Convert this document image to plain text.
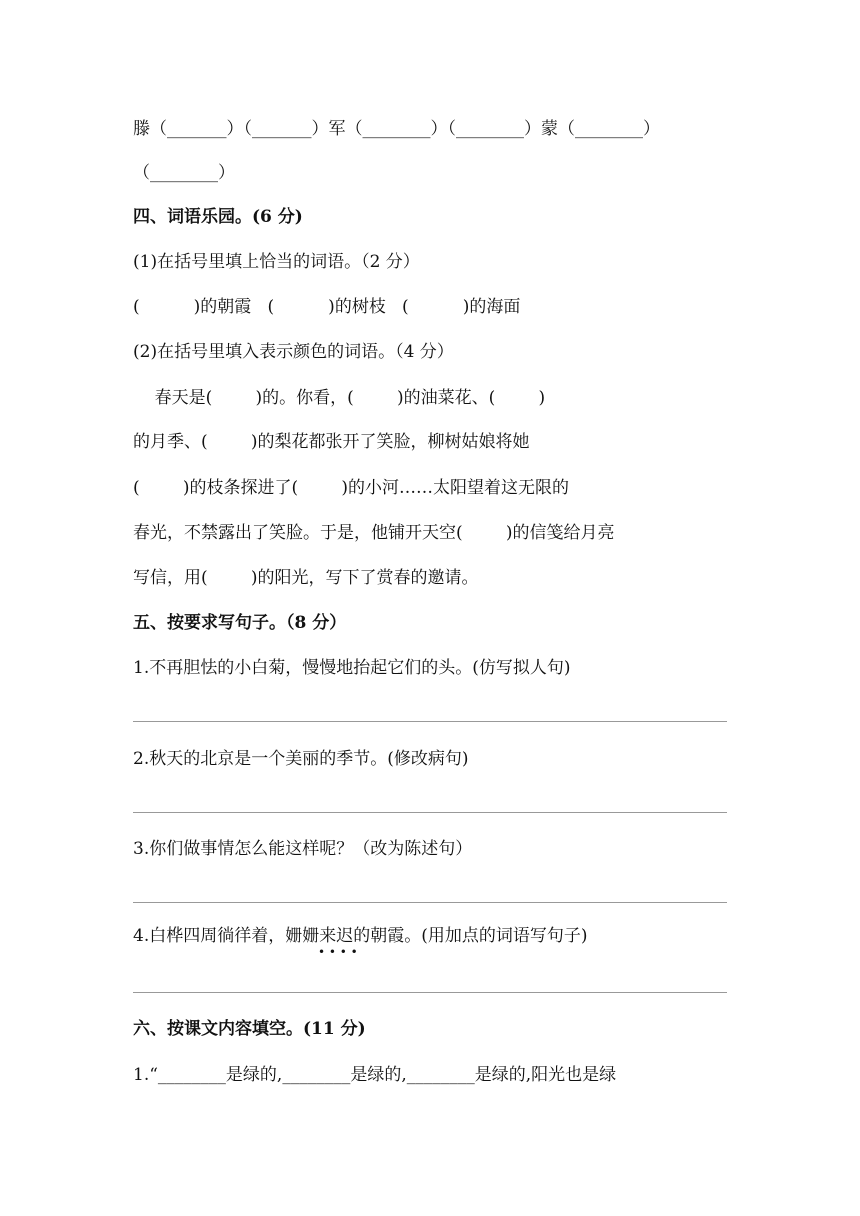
滕（_______）（_______）军（________）（________）蒙（________）
（________）
四、词语乐园。(6 分)
(1)在括号里填上恰当的词语。（2 分）
(          )的朝霞   (          )的树枝   (          )的海面
(2)在括号里填入表示颜色的词语。（4 分）
春天是(        )的。你看，(        )的油菜花、(        )
的月季、(        )的梨花都张开了笑脸，柳树姑娘将她
(        )的枝条探进了(        )的小河……太阳望着这无限的
春光，不禁露出了笑脸。于是，他铺开天空(        )的信笺给月亮
写信，用(        )的阳光，写下了赏春的邀请。
五、按要求写句子。（8 分）
1.不再胆怯的小白菊，慢慢地抬起它们的头。(仿写拟人句)
2.秋天的北京是一个美丽的季节。(修改病句)
3.你们做事情怎么能这样呢？（改为陈述句）
4.白桦四周徜徉着，姗姗来迟的朝霞。(用加点的词语写句子)
• • • •
六、按课文内容填空。(11 分)
1.“________是绿的,________是绿的,________是绿的,阳光也是绿
